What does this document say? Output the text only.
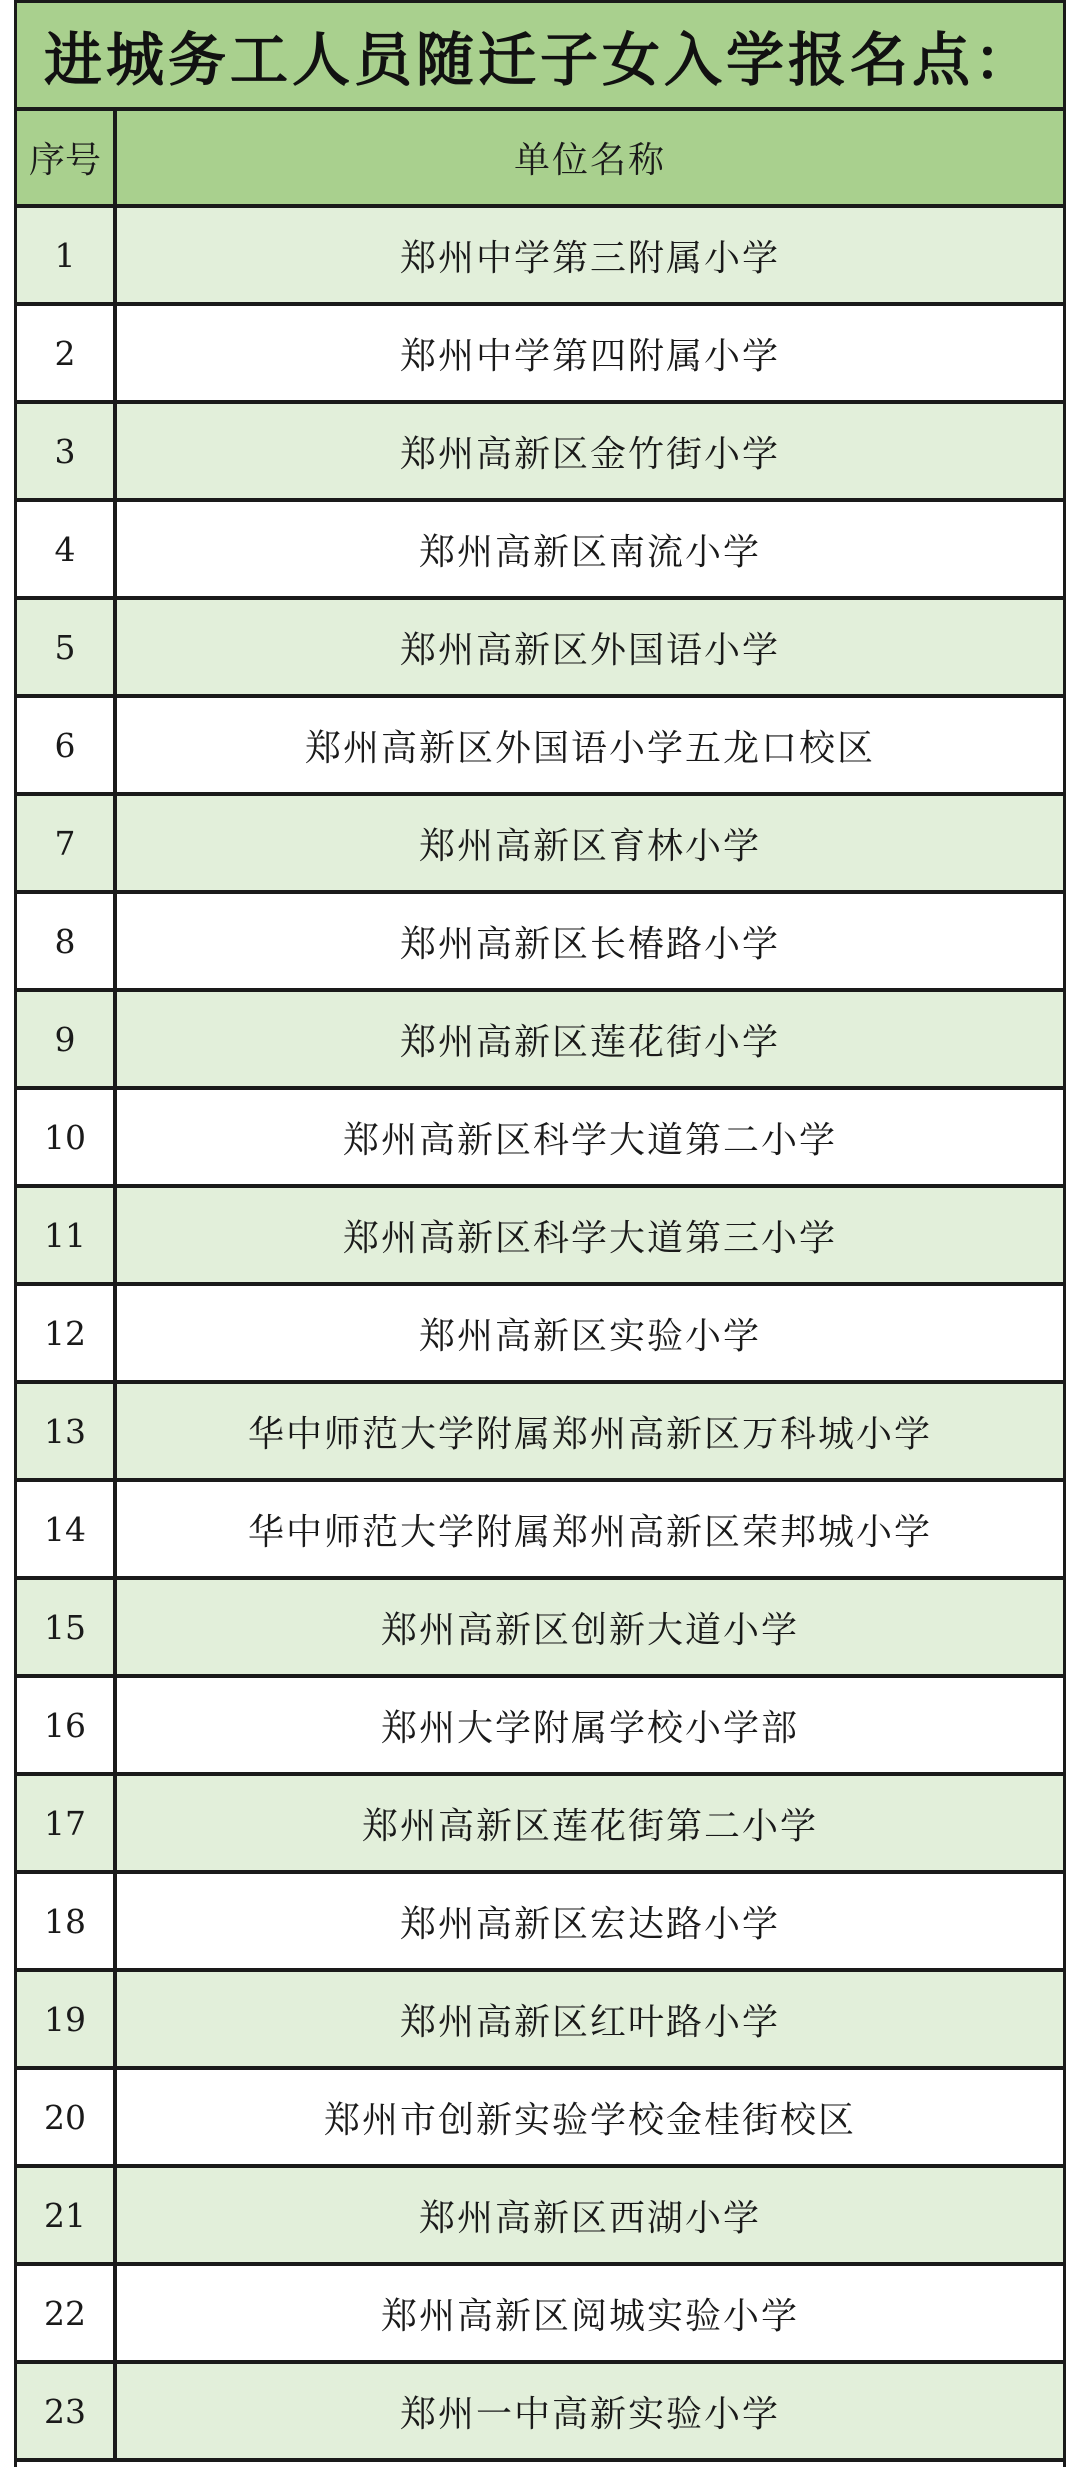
进城务工人员随迁子女入学报名点：
序号	单位名称
1	郑州中学第三附属小学
2	郑州中学第四附属小学
3	郑州高新区金竹街小学
4	郑州高新区南流小学
5	郑州高新区外国语小学
6	郑州高新区外国语小学五龙口校区
7	郑州高新区育林小学
8	郑州高新区长椿路小学
9	郑州高新区莲花街小学
10	郑州高新区科学大道第二小学
11	郑州高新区科学大道第三小学
12	郑州高新区实验小学
13	华中师范大学附属郑州高新区万科城小学
14	华中师范大学附属郑州高新区荣邦城小学
15	郑州高新区创新大道小学
16	郑州大学附属学校小学部
17	郑州高新区莲花街第二小学
18	郑州高新区宏达路小学
19	郑州高新区红叶路小学
20	郑州市创新实验学校金桂街校区
21	郑州高新区西湖小学
22	郑州高新区阅城实验小学
23	郑州一中高新实验小学
